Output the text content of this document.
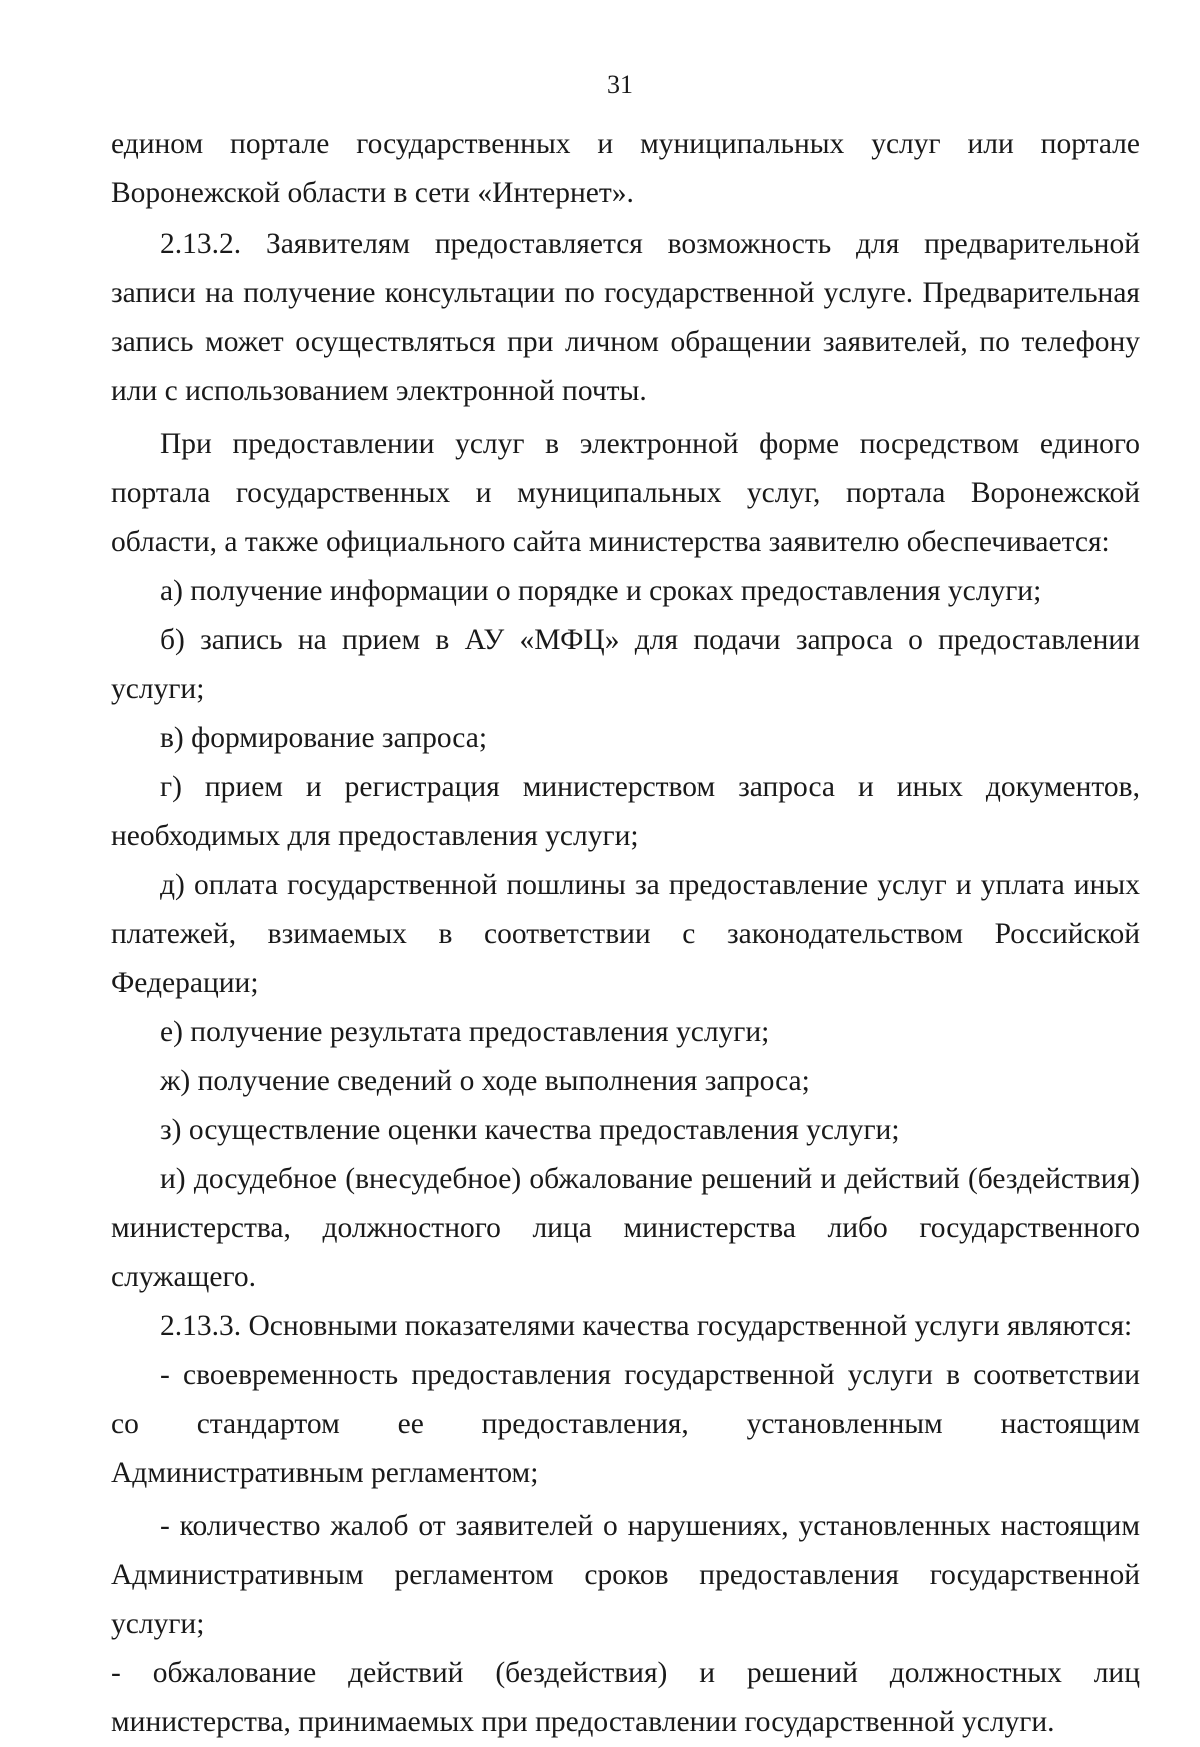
31

едином портале государственных и муниципальных услуг или портале Воронежской области в сети «Интернет».

2.13.2. Заявителям предоставляется возможность для предварительной записи на получение консультации по государственной услуге. Предварительная запись может осуществляться при личном обращении заявителей, по телефону или с использованием электронной почты.

При предоставлении услуг в электронной форме посредством единого портала государственных и муниципальных услуг, портала Воронежской области, а также официального сайта министерства заявителю обеспечивается:

а) получение информации о порядке и сроках предоставления услуги;

б) запись на прием в АУ «МФЦ» для подачи запроса о предоставлении услуги;

в) формирование запроса;

г) прием и регистрация министерством запроса и иных документов, необходимых для предоставления услуги;

д) оплата государственной пошлины за предоставление услуг и уплата иных платежей, взимаемых в соответствии с законодательством Российской Федерации;

е) получение результата предоставления услуги;

ж) получение сведений о ходе выполнения запроса;

з) осуществление оценки качества предоставления услуги;

и) досудебное (внесудебное) обжалование решений и действий (бездействия) министерства, должностного лица министерства либо государственного служащего.

2.13.3. Основными показателями качества государственной услуги являются:

- своевременность предоставления государственной услуги в соответствии со стандартом ее предоставления, установленным настоящим Административным регламентом;

- количество жалоб от заявителей о нарушениях, установленных настоящим Административным регламентом сроков предоставления государственной услуги;

- обжалование действий (бездействия) и решений должностных лиц министерства, принимаемых при предоставлении государственной услуги.
